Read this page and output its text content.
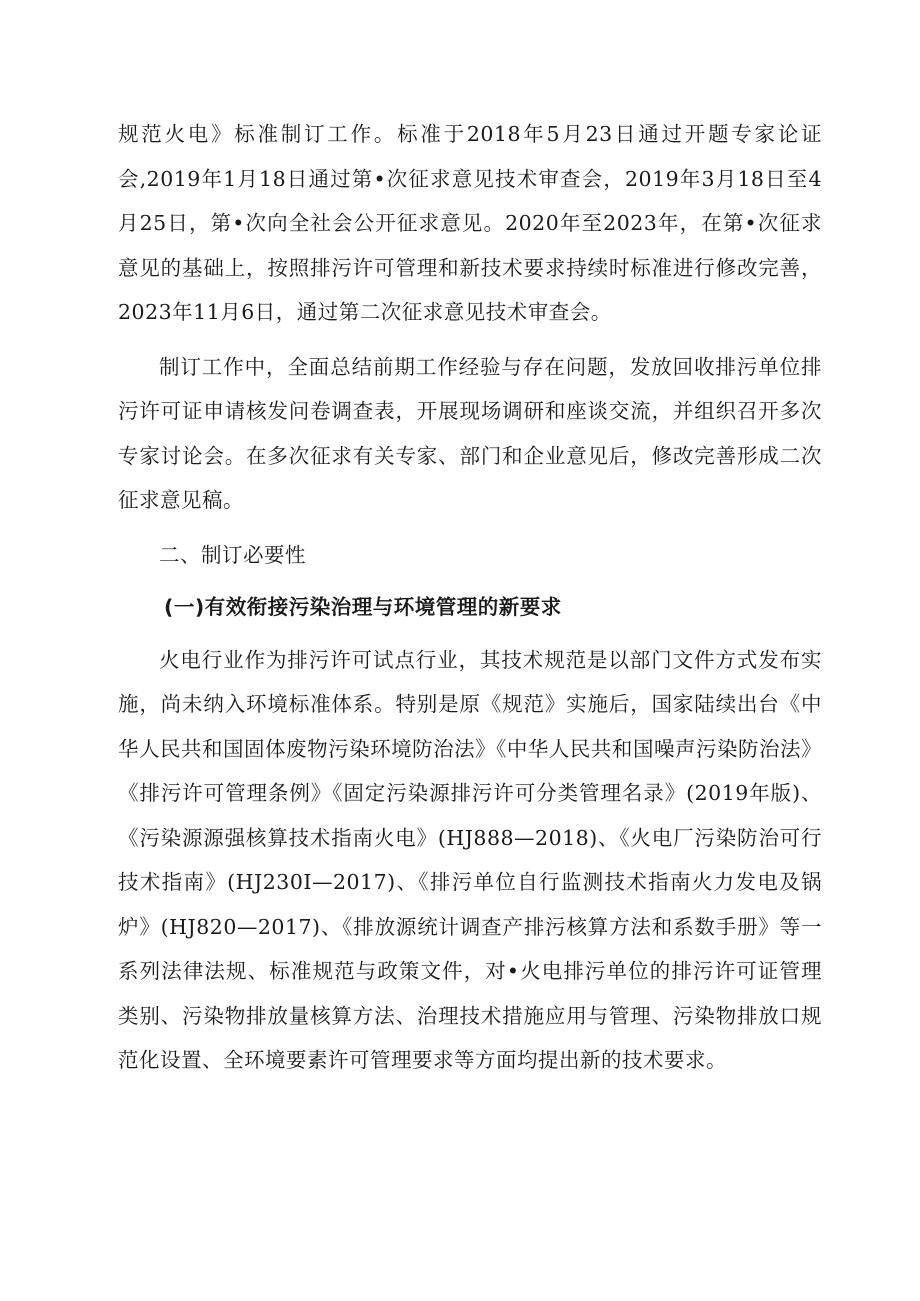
规范火电》标准制订工作。标准于2018年5月23日通过开题专家论证会,2019年1月18日通过第•次征求意见技术审查会，2019年3月18日至4月25日，第•次向全社会公开征求意见。2020年至2023年，在第•次征求意见的基础上，按照排污许可管理和新技术要求持续时标准进行修改完善，2023年11月6日，通过第二次征求意见技术审查会。

制订工作中，全面总结前期工作经验与存在问题，发放回收排污单位排污许可证申请核发问卷调查表，开展现场调研和座谈交流，并组织召开多次专家讨论会。在多次征求有关专家、部门和企业意见后，修改完善形成二次征求意见稿。

二、制订必要性

(一)有效衔接污染治理与环境管理的新要求

火电行业作为排污许可试点行业，其技术规范是以部门文件方式发布实施，尚未纳入环境标准体系。特别是原《规范》实施后，国家陆续出台《中华人民共和国固体废物污染环境防治法》《中华人民共和国噪声污染防治法》《排污许可管理条例》《固定污染源排污许可分类管理名录》(2019年版)、《污染源源强核算技术指南火电》(HJ888—2018)、《火电厂污染防治可行技术指南》(HJ230I—2017)、《排污单位自行监测技术指南火力发电及锅炉》(HJ820—2017)、《排放源统计调查产排污核算方法和系数手册》等一系列法律法规、标准规范与政策文件，对•火电排污单位的排污许可证管理类别、污染物排放量核算方法、治理技术措施应用与管理、污染物排放口规范化设置、全环境要素许可管理要求等方面均提出新的技术要求。
